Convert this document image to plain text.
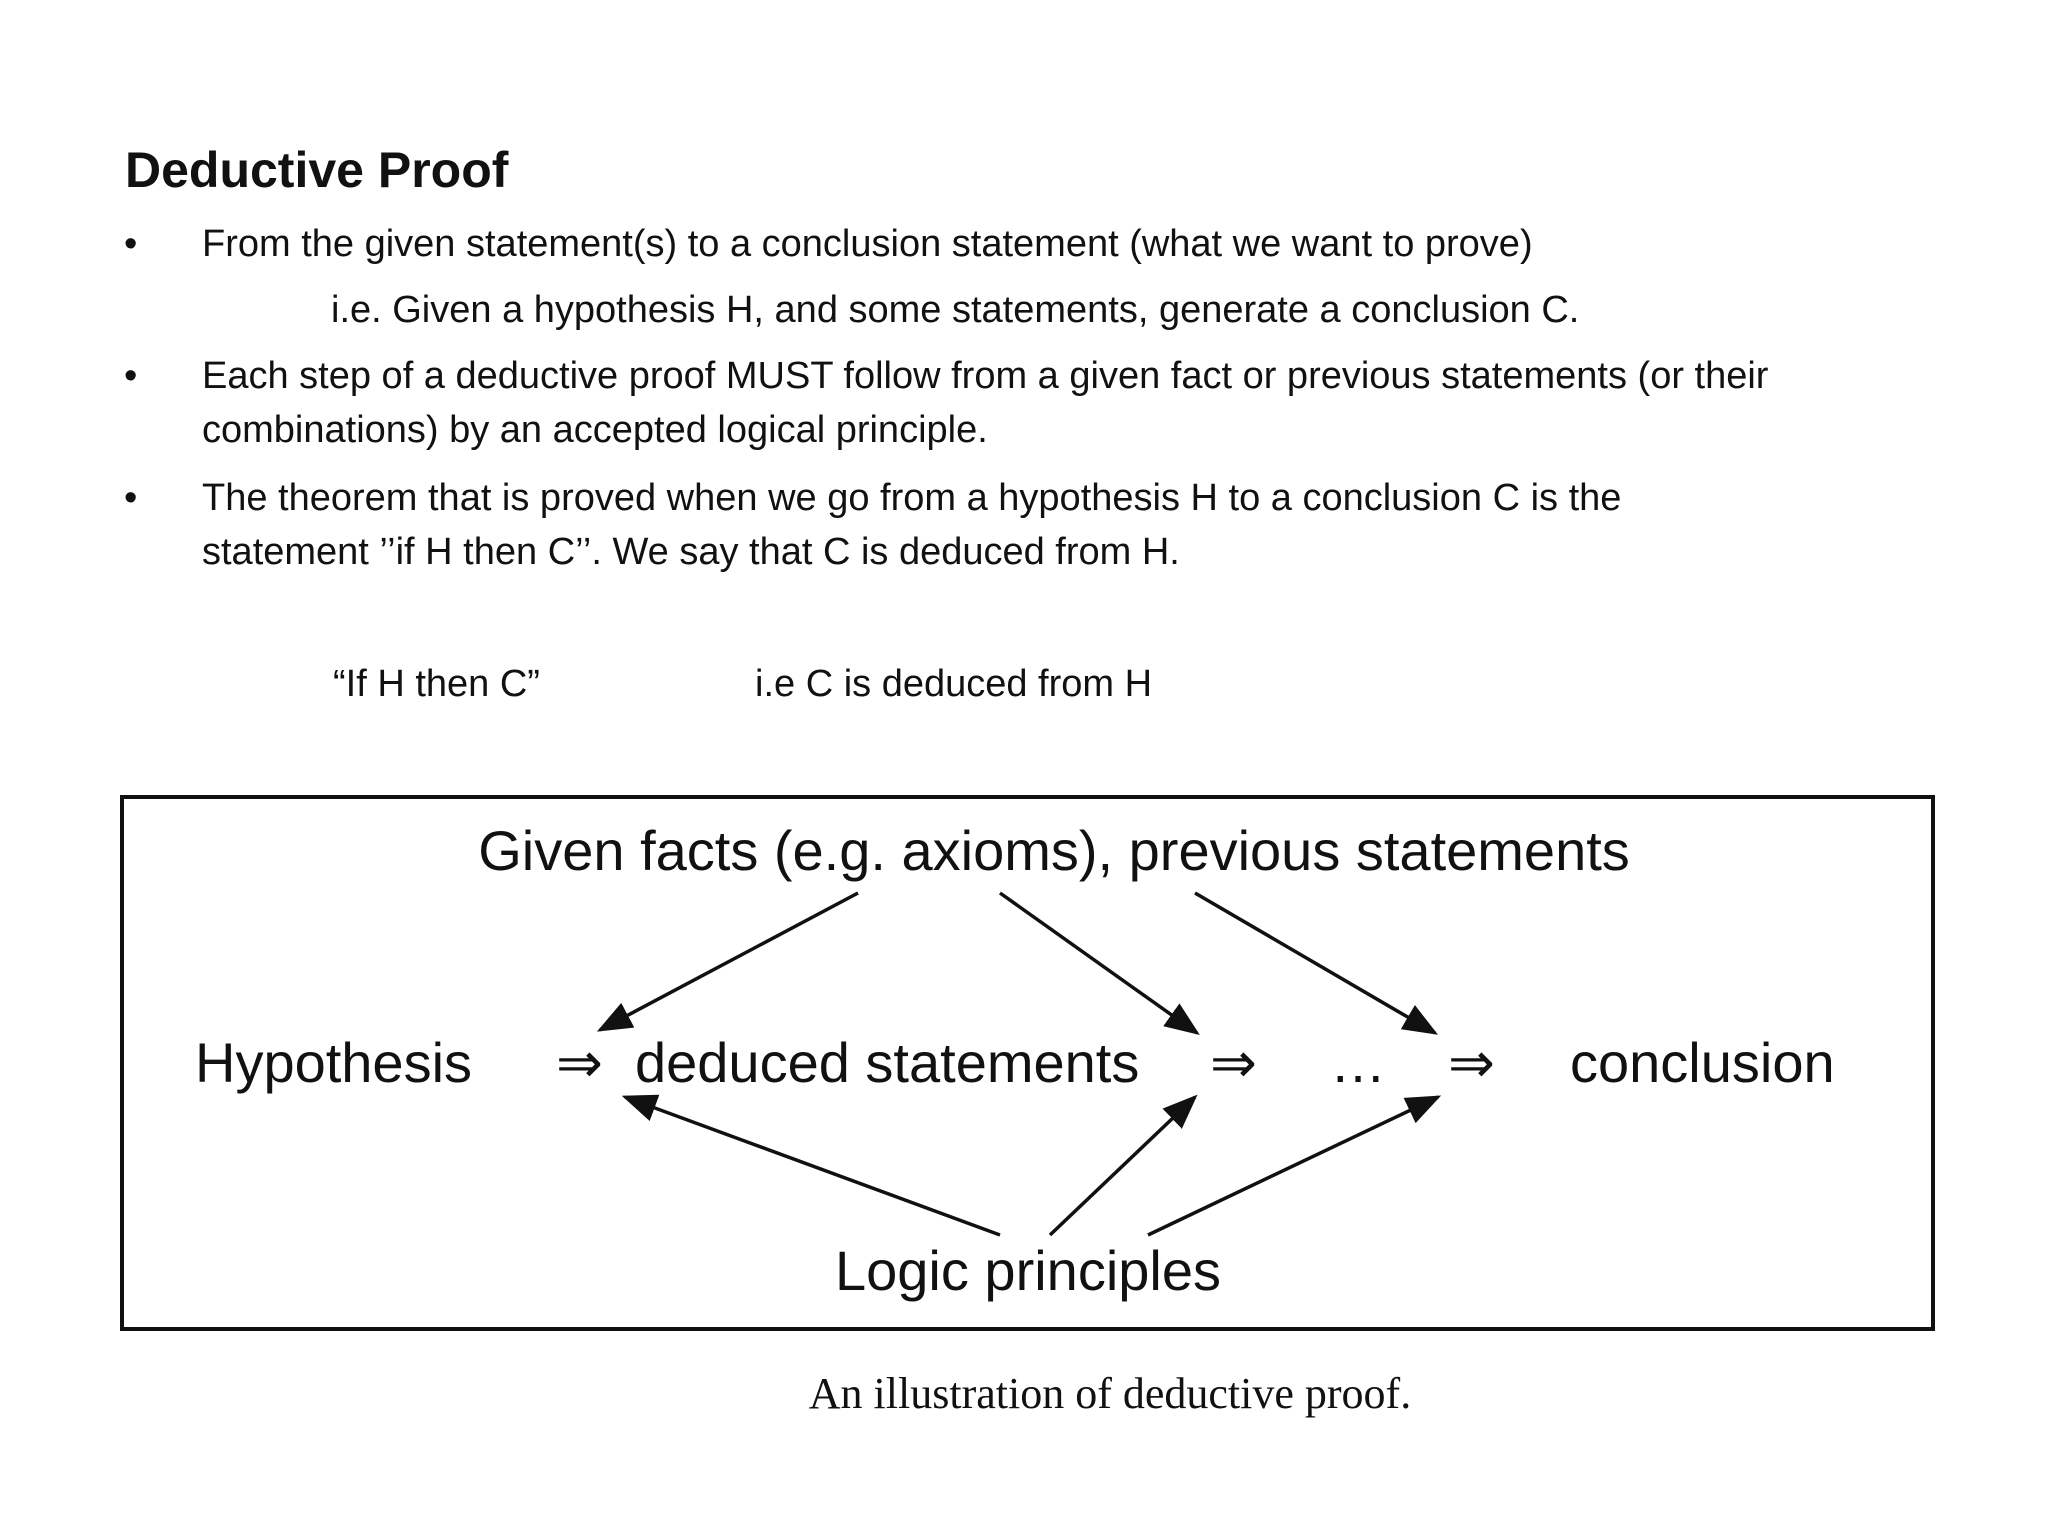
Deductive Proof
• From the given statement(s) to a conclusion statement (what we want to prove)
i.e. Given a hypothesis H, and some statements, generate a conclusion C.
• Each step of a deductive proof MUST follow from a given fact or previous statements (or their
combinations) by an accepted logical principle.
• The theorem that is proved when we go from a hypothesis H to a conclusion C is the
statement ’’if H then C’’. We say that C is deduced from H.
“If H then C”	i.e C is deduced from H
Given facts (e.g. axioms), previous statements
Hypothesis ⇒ deduced statements ⇒ … ⇒ conclusion
Logic principles
An illustration of deductive proof.
